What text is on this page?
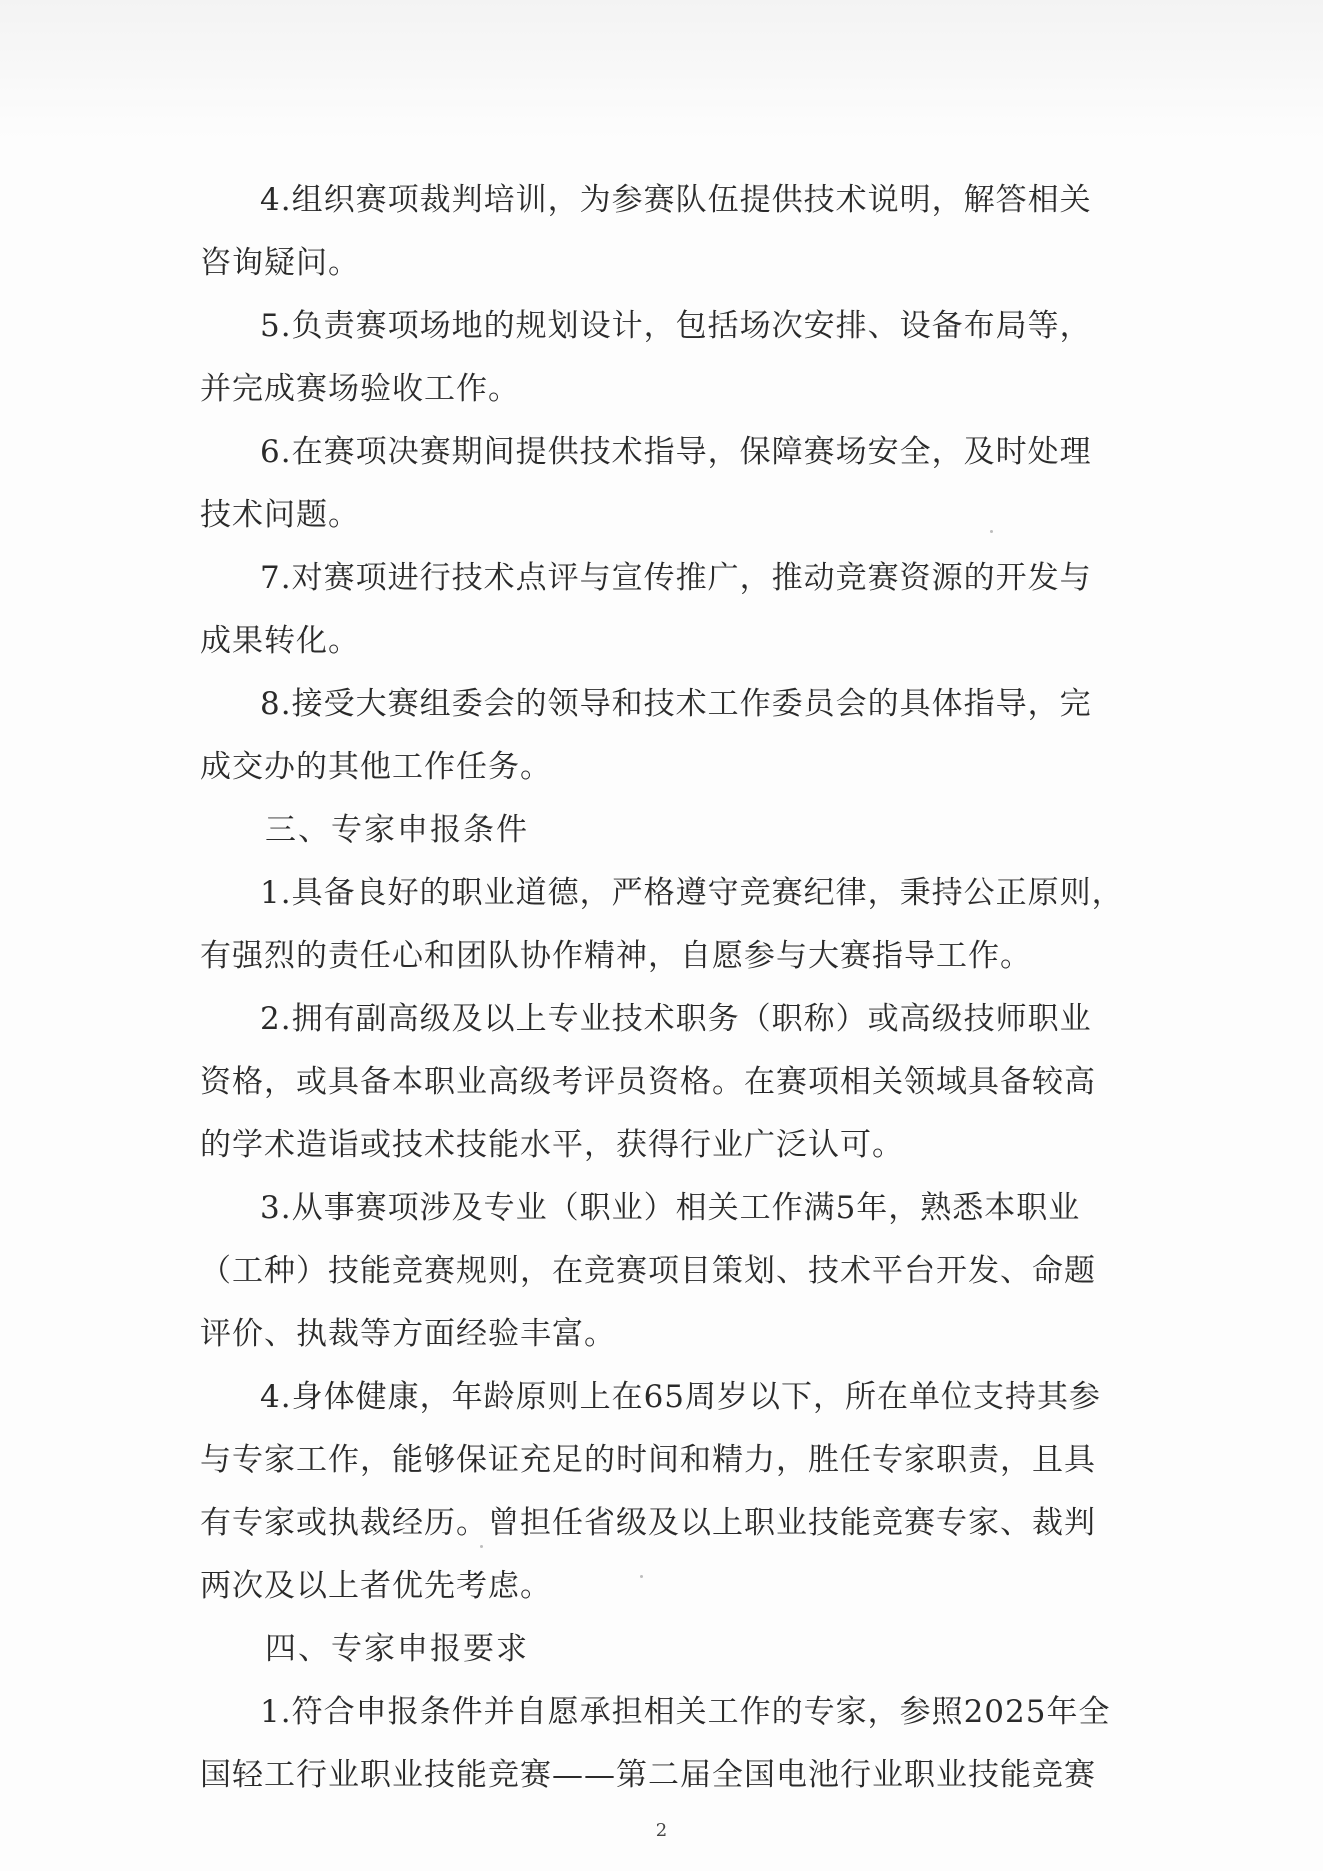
4.组织赛项裁判培训，为参赛队伍提供技术说明，解答相关
咨询疑问。
5.负责赛项场地的规划设计，包括场次安排、设备布局等，
并完成赛场验收工作。
6.在赛项决赛期间提供技术指导，保障赛场安全，及时处理
技术问题。
7.对赛项进行技术点评与宣传推广，推动竞赛资源的开发与
成果转化。
8.接受大赛组委会的领导和技术工作委员会的具体指导，完
成交办的其他工作任务。
三、专家申报条件
1.具备良好的职业道德，严格遵守竞赛纪律，秉持公正原则，
有强烈的责任心和团队协作精神，自愿参与大赛指导工作。
2.拥有副高级及以上专业技术职务（职称）或高级技师职业
资格，或具备本职业高级考评员资格。在赛项相关领域具备较高
的学术造诣或技术技能水平，获得行业广泛认可。
3.从事赛项涉及专业（职业）相关工作满5年，熟悉本职业
（工种）技能竞赛规则，在竞赛项目策划、技术平台开发、命题
评价、执裁等方面经验丰富。
4.身体健康，年龄原则上在65周岁以下，所在单位支持其参
与专家工作，能够保证充足的时间和精力，胜任专家职责，且具
有专家或执裁经历。曾担任省级及以上职业技能竞赛专家、裁判
两次及以上者优先考虑。
四、专家申报要求
1.符合申报条件并自愿承担相关工作的专家，参照2025年全
国轻工行业职业技能竞赛——第二届全国电池行业职业技能竞赛
2
